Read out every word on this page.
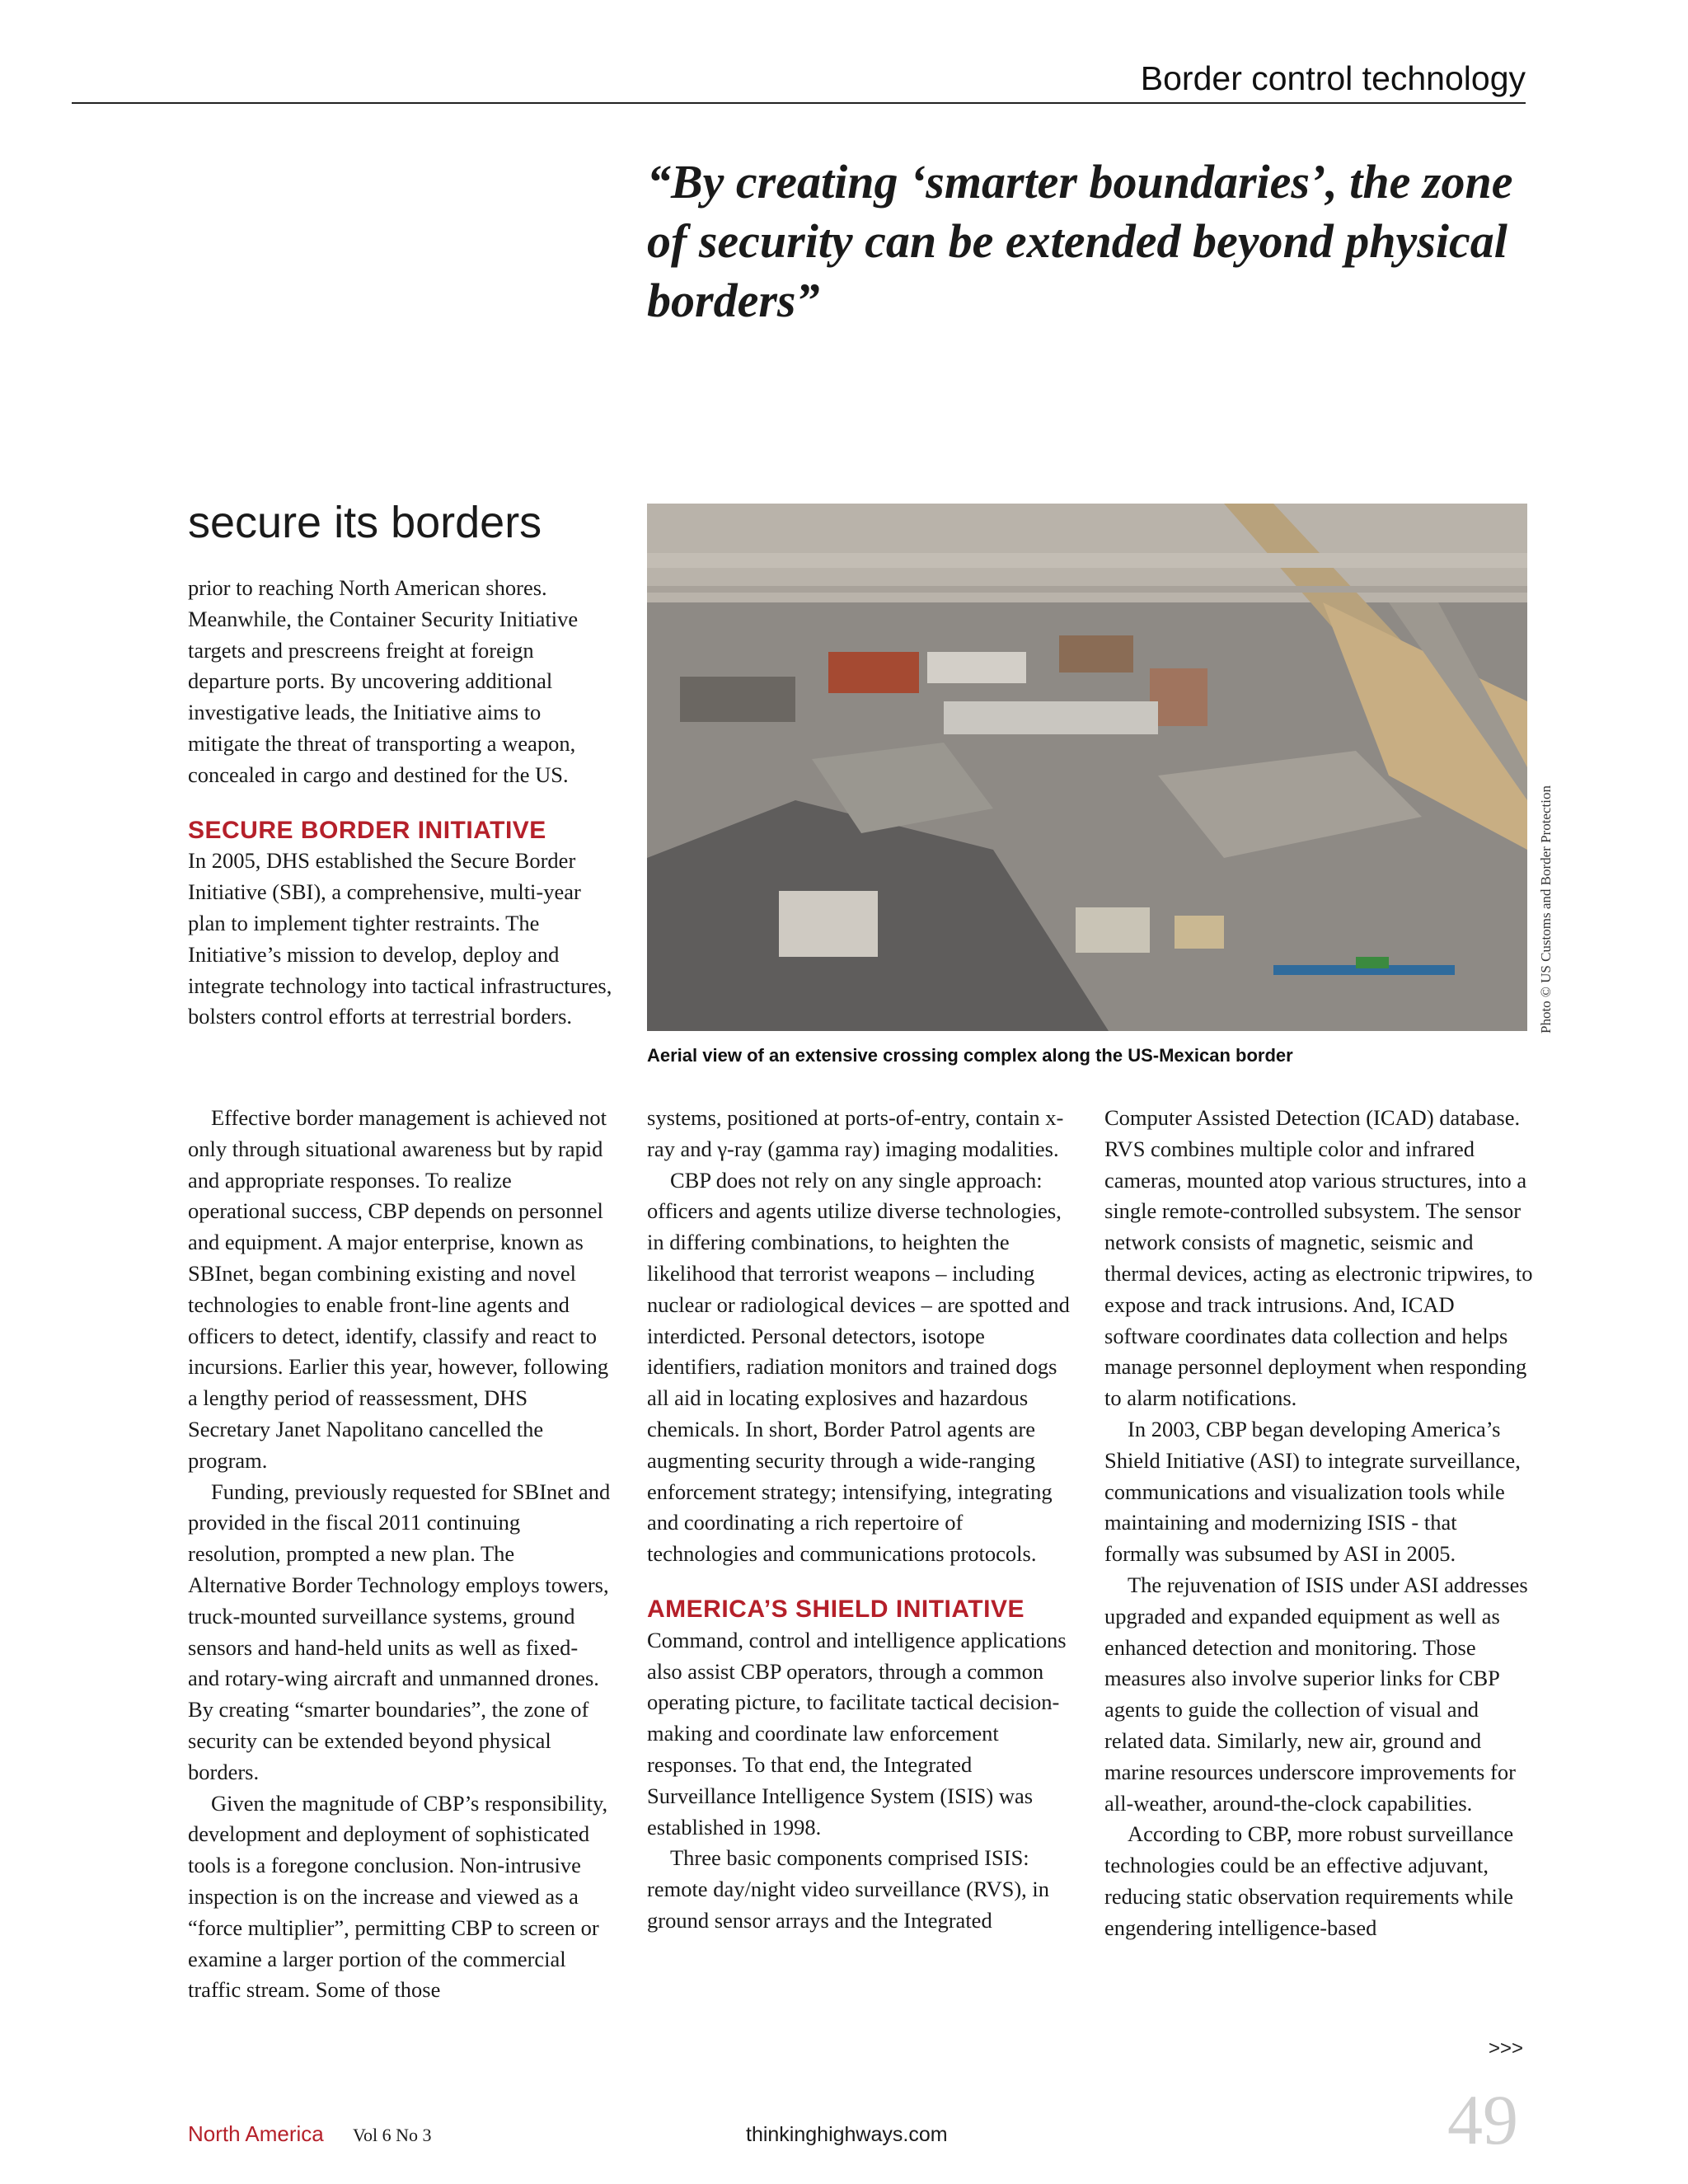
Border control technology
“By creating ‘smarter boundaries’, the zone of security can be extended beyond physical borders”
secure its borders
Photo © US Customs and Border Protection
Aerial view of an extensive crossing complex along the US-Mexican border

prior to reaching North American shores. Meanwhile, the Container Security Initiative targets and prescreens freight at foreign departure ports. By uncovering additional investigative leads, the Initiative aims to mitigate the threat of transporting a weapon, concealed in cargo and destined for the US.

SECURE BORDER INITIATIVE

In 2005, DHS established the Secure Border Initiative (SBI), a comprehensive, multi-year plan to implement tighter restraints. The Initiative’s mission to develop, deploy and integrate technology into tactical infrastructures, bolsters control efforts at terrestrial borders.

systems, positioned at ports-of-entry, contain x-ray and γ-ray (gamma ray) imaging modalities.

CBP does not rely on any single approach: officers and agents utilize diverse technologies, in differing combinations, to heighten the likelihood that terrorist weapons – including nuclear or radiological devices – are spotted and interdicted. Personal detectors, isotope identifiers, radiation monitors and trained dogs all aid in locating explosives and hazardous chemicals. In short, Border Patrol agents are augmenting security through a wide-ranging enforcement strategy; intensifying, integrating and coordinating a rich repertoire of technologies and communications protocols.

AMERICA’S SHIELD INITIATIVE

Command, control and intelligence applications also assist CBP operators, through a common operating picture, to facilitate tactical decision-making and coordinate law enforcement responses. To that end, the Integrated Surveillance Intelligence System (ISIS) was established in 1998.

Three basic components comprised ISIS: remote day/night video surveillance (RVS), in ground sensor arrays and the Integrated

Computer Assisted Detection (ICAD) database. RVS combines multiple color and infrared cameras, mounted atop various structures, into a single remote-controlled subsystem. The sensor network consists of magnetic, seismic and thermal devices, acting as electronic tripwires, to expose and track intrusions. And, ICAD software coordinates data collection and helps manage personnel deployment when responding to alarm notifications.

In 2003, CBP began developing America’s Shield Initiative (ASI) to integrate surveillance, communications and visualization tools while maintaining and modernizing ISIS - that formally was subsumed by ASI in 2005.

The rejuvenation of ISIS under ASI addresses upgraded and expanded equipment as well as enhanced detection and monitoring. Those measures also involve superior links for CBP agents to guide the collection of visual and related data. Similarly, new air, ground and marine resources underscore improvements for all-weather, around-the-clock capabilities.

According to CBP, more robust surveillance technologies could be an effective adjuvant, reducing static observation requirements while engendering intelligence-based

Effective border management is achieved not only through situational awareness but by rapid and appropriate responses. To realize operational success, CBP depends on personnel and equipment. A major enterprise, known as SBInet, began combining existing and novel technologies to enable front-line agents and officers to detect, identify, classify and react to incursions. Earlier this year, however, following a lengthy period of reassessment, DHS Secretary Janet Napolitano cancelled the program.

Funding, previously requested for SBInet and provided in the fiscal 2011 continuing resolution, prompted a new plan. The Alternative Border Technology employs towers, truck-mounted surveillance systems, ground sensors and hand-held units as well as fixed- and rotary-wing aircraft and unmanned drones. By creating “smarter boundaries”, the zone of security can be extended beyond physical borders.

Given the magnitude of CBP’s responsibility, development and deployment of sophisticated tools is a foregone conclusion. Non-intrusive inspection is on the increase and viewed as a “force multiplier”, permitting CBP to screen or examine a larger portion of the commercial traffic stream. Some of those

>>>
North America Vol 6 No 3	thinkinghighways.com	49
